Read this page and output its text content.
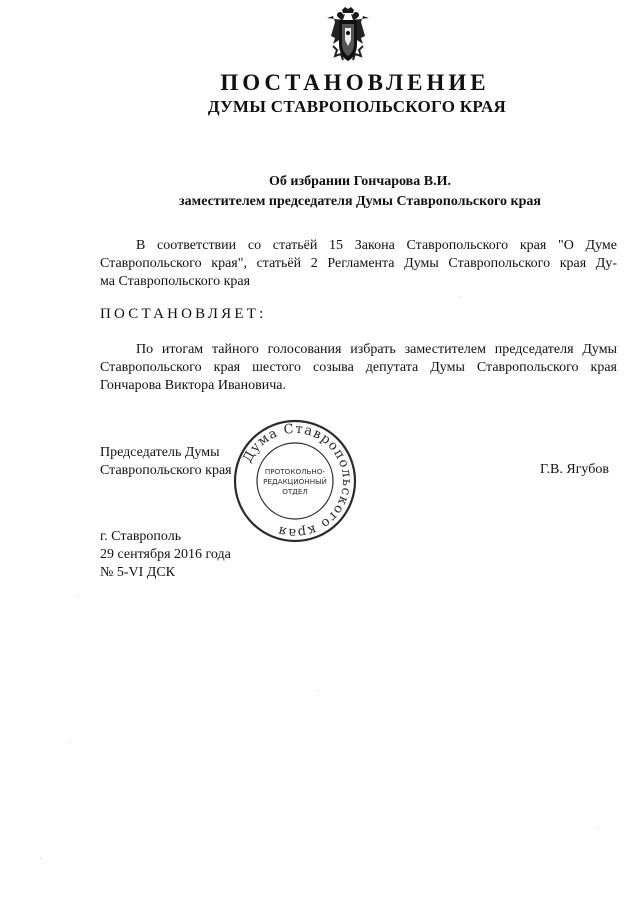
ПОСТАНОВЛЕНИЕ
ДУМЫ СТАВРОПОЛЬСКОГО КРАЯ
Об избрании Гончарова В.И.
заместителем председателя Думы Ставропольского края
В соответствии со статьёй 15 Закона Ставропольского края "О Думе
Ставропольского края", статьёй 2 Регламента Думы Ставропольского края Ду-
ма Ставропольского края
ПОСТАНОВЛЯЕТ:
По итогам тайного голосования избрать заместителем председателя Думы
Ставропольского края шестого созыва депутата Думы Ставропольского края
Гончарова Виктора Ивановича.
Председатель Думы
Ставропольского края	Г.В. Ягубов
Дума Ставропольского края
ПРОТОКОЛЬНО-
РЕДАКЦИОННЫЙ
ОТДЕЛ
г. Ставрополь
29 сентября 2016 года
№ 5-VI ДСК
